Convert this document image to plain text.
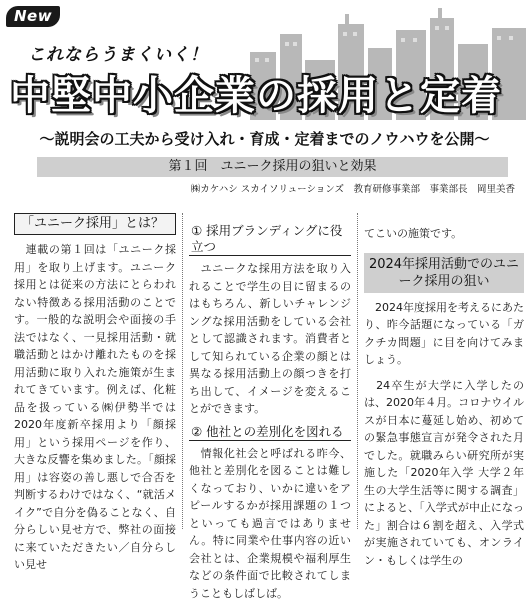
New
これならうまくいく！
中堅中小企業の採用と定着
～説明会の工夫から受け入れ・育成・定着までのノウハウを公開～
第１回　ユニーク採用の狙いと効果
㈱カケハシ スカイソリューションズ　教育研修事業部　事業部長　岡里美香
「ユニーク採用」とは？

　連載の第１回は「ユニーク採用」を取り上げます。ユニーク採用とは従来の方法にとらわれない特徴ある採用活動のことです。一般的な説明会や面接の手法ではなく、一見採用活動・就職活動とはかけ離れたものを採用活動に取り入れた施策が生まれてきています。例えば、化粧品を扱っている㈱伊勢半では2020年度新卒採用より「顔採用」という採用ページを作り、大きな反響を集めました。「顔採用」は容姿の善し悪しで合否を判断するわけではなく、“就活メイク”で自分を偽ることなく、自分らしい見せ方で、弊社の面接に来ていただきたい／自分らしい見せ

① 採用ブランディングに役立つ

　ユニークな採用方法を取り入れることで学生の目に留まるのはもちろん、新しいチャレンジングな採用活動をしている会社として認識されます。消費者として知られている企業の顔とは異なる採用活動上の顔つきを打ち出して、イメージを変えることができます。

② 他社との差別化を図れる

　情報化社会と呼ばれる昨今、他社と差別化を図ることは難しくなっており、いかに違いをアピールするかが採用課題の１つといっても過言ではありません。特に同業や仕事内容の近い会社とは、企業規模や福利厚生などの条件面で比較されてしまうこともしばしば。

てこいの施策です。

2024年採用活動でのユニーク採用の狙い

　2024年度採用を考えるにあたり、昨今話題になっている「ガクチカ問題」に目を向けてみましょう。

　24卒生が大学に入学したのは、2020年４月。コロナウイルスが日本に蔓延し始め、初めての緊急事態宣言が発令された月でした。就職みらい研究所が実施した「2020年入学 大学２年生の大学生活等に関する調査」によると、「入学式が中止になった」割合は６割を超え、入学式が実施されていても、オンライン・もしくは学生の
